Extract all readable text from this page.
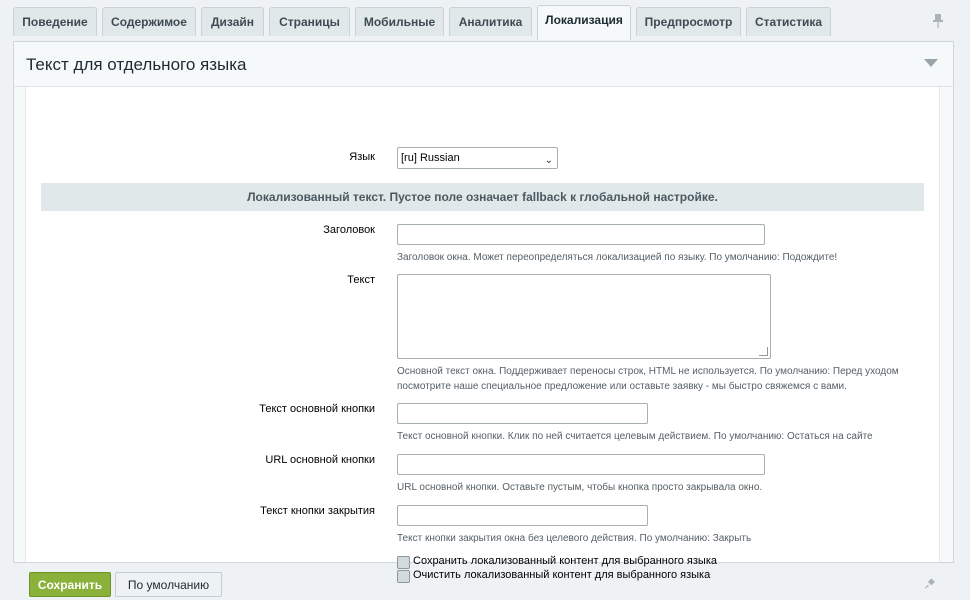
Поведение	Содержимое	Дизайн	Страницы	Мобильные	Аналитика	Локализация	Предпросмотр	Статистика
Текст для отдельного языка
Язык	[ru] Russian	⌄
Локализованный текст. Пустое поле означает fallback к глобальной настройке.
Заголовок
Заголовок окна. Может переопределяться локализацией по языку. По умолчанию: Подождите!
Текст
Основной текст окна. Поддерживает переносы строк, HTML не используется. По умолчанию: Перед уходом
посмотрите наше специальное предложение или оставьте заявку - мы быстро свяжемся с вами.
Текст основной кнопки
Текст основной кнопки. Клик по ней считается целевым действием. По умолчанию: Остаться на сайте
URL основной кнопки
URL основной кнопки. Оставьте пустым, чтобы кнопка просто закрывала окно.
Текст кнопки закрытия
Текст кнопки закрытия окна без целевого действия. По умолчанию: Закрыть
Сохранить локализованный контент для выбранного языка
Очистить локализованный контент для выбранного языка
Сохранить	По умолчанию
